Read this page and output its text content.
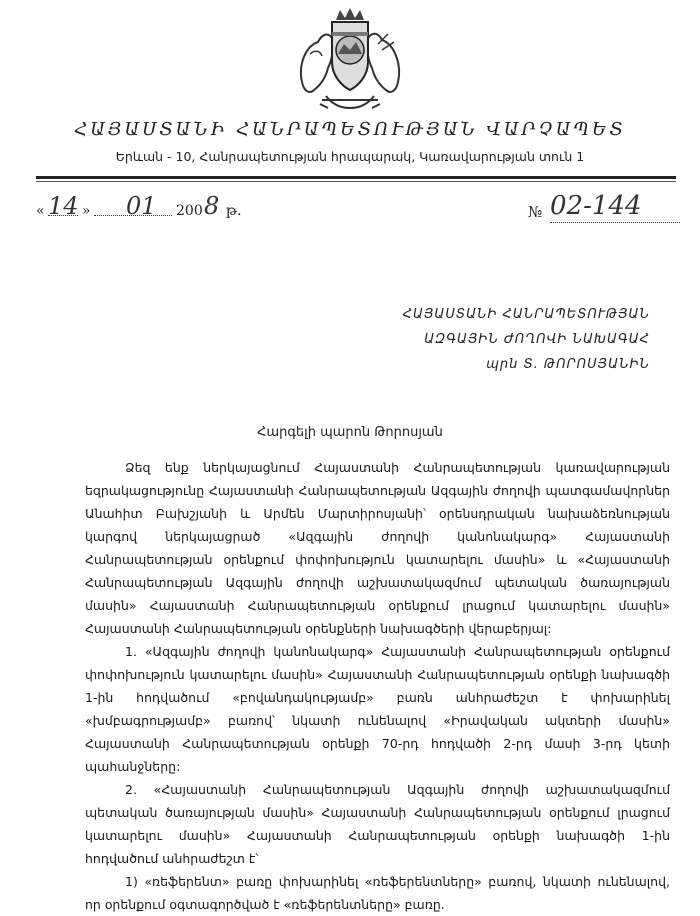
ՀԱՅԱՍՏԱՆԻ ՀԱՆՐԱՊԵՏՈՒԹՅԱՆ ՎԱՐՉԱՊԵՏ
Երևան - 10, Հանրապետության հրապարակ, Կառավարության տուն 1
« 14 » 01 200 8 թ.	№ 02-144
ՀԱՅԱՍՏԱՆԻ ՀԱՆՐԱՊԵՏՈՒԹՅԱՆ
ԱԶԳԱՅԻՆ ԺՈՂՈՎԻ ՆԱԽԱԳԱՀ
պրն Տ. ԹՈՐՈՍՅԱՆԻՆ
Հարգելի պարոն Թորոսյան

Ձեզ ենք ներկայացնում Հայաստանի Հանրապետության կառավարության եզրակացությունը Հայաստանի Հանրապետության Ազգային ժողովի պատգամավորներ Անահիտ Բախշյանի և Արմեն Մարտիրոսյանի՝ օրենսդրական նախաձեռնության կարգով ներկայացրած «Ազգային ժողովի կանոնակարգ» Հայաստանի Հանրապետության օրենքում փոփոխություն կատարելու մասին» և «Հայաստանի Հանրապետության Ազգային ժողովի աշխատակազմում պետական ծառայության մասին» Հայաստանի Հանրապետության օրենքում լրացում կատարելու մասին» Հայաստանի Հանրապետության օրենքների նախագծերի վերաբերյալ:

1. «Ազգային ժողովի կանոնակարգ» Հայաստանի Հանրապետության օրենքում փոփոխություն կատարելու մասին» Հայաստանի Հանրապետության օրենքի նախագծի 1-ին հոդվածում «բովանդակությամբ» բառն անհրաժեշտ է փոխարինել «խմբագրությամբ» բառով՝ նկատի ունենալով «Իրավական ակտերի մասին» Հայաստանի Հանրապետության օրենքի 70-րդ հոդվածի 2-րդ մասի 3-րդ կետի պահանջները:

2. «Հայաստանի Հանրապետության Ազգային ժողովի աշխատակազմում պետական ծառայության մասին» Հայաստանի Հանրապետության օրենքում լրացում կատարելու մասին» Հայաստանի Հանրապետության օրենքի նախագծի 1-ին հոդվածում անհրաժեշտ է՝

1) «ռեֆերենտ» բառը փոխարինել «ռեֆերենտները» բառով, նկատի ունենալով, որ օրենքում օգտագործված է «ռեֆերենտները» բառը.
